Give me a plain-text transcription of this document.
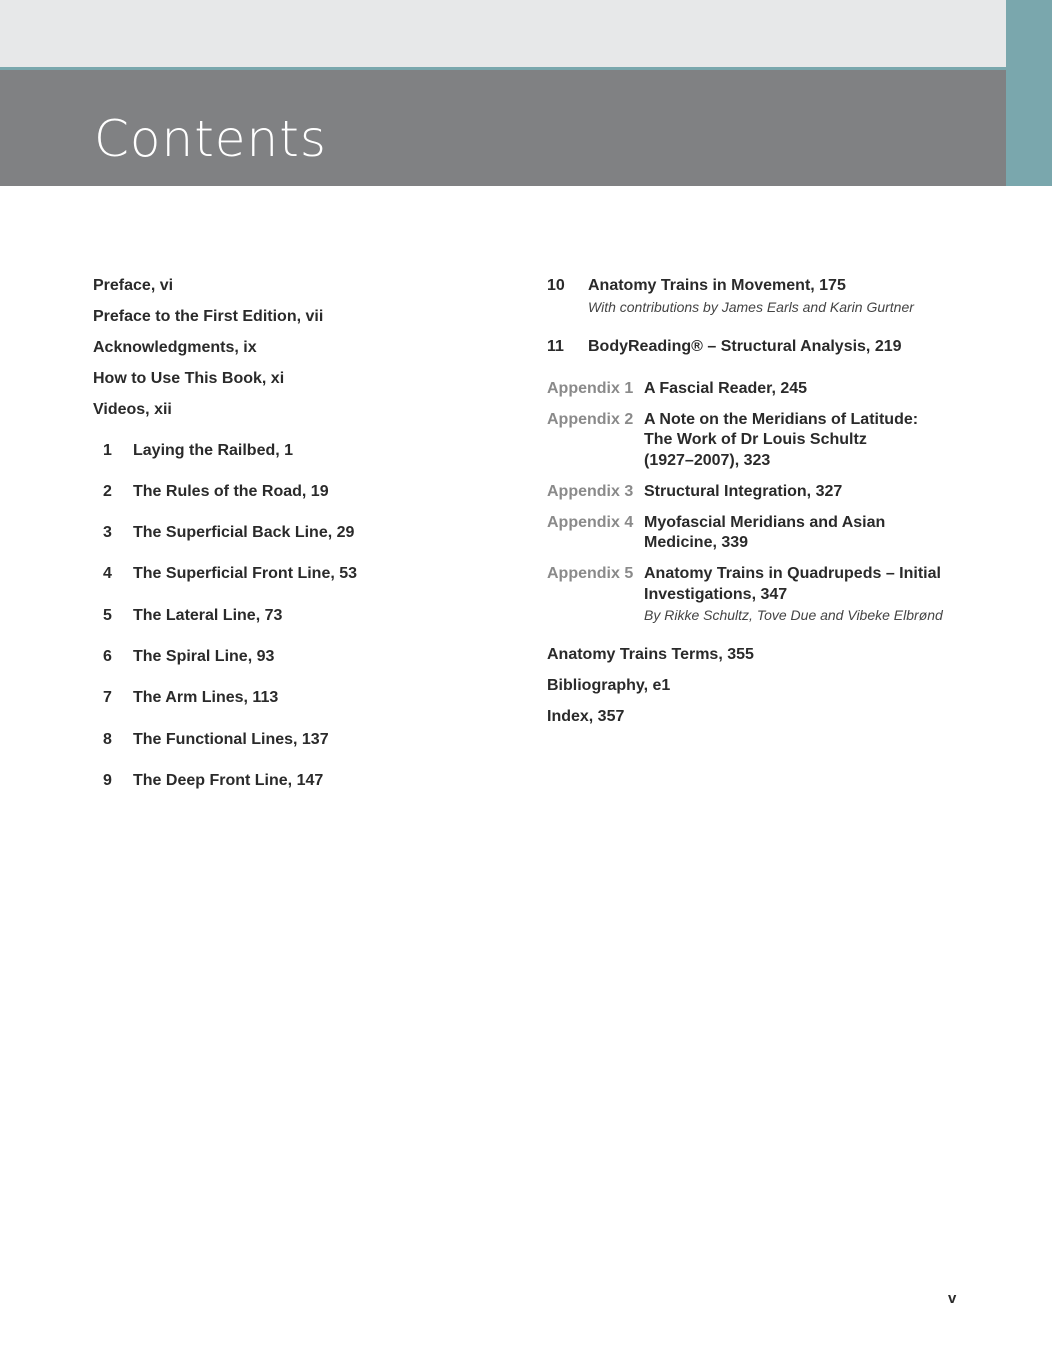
Contents
Preface, vi
Preface to the First Edition, vii
Acknowledgments, ix
How to Use This Book, xi
Videos, xii
1	Laying the Railbed, 1
2	The Rules of the Road, 19
3	The Superficial Back Line, 29
4	The Superficial Front Line, 53
5	The Lateral Line, 73
6	The Spiral Line, 93
7	The Arm Lines, 113
8	The Functional Lines, 137
9	The Deep Front Line, 147
10	Anatomy Trains in Movement, 175
With contributions by James Earls and Karin Gurtner
11	BodyReading® – Structural Analysis, 219
Appendix 1 A Fascial Reader, 245
Appendix 2 A Note on the Meridians of Latitude:
The Work of Dr Louis Schultz
(1927–2007), 323
Appendix 3 Structural Integration, 327
Appendix 4 Myofascial Meridians and Asian
Medicine, 339
Appendix 5 Anatomy Trains in Quadrupeds – Initial
Investigations, 347
By Rikke Schultz, Tove Due and Vibeke Elbrønd
Anatomy Trains Terms, 355
Bibliography, e1
Index, 357
v
